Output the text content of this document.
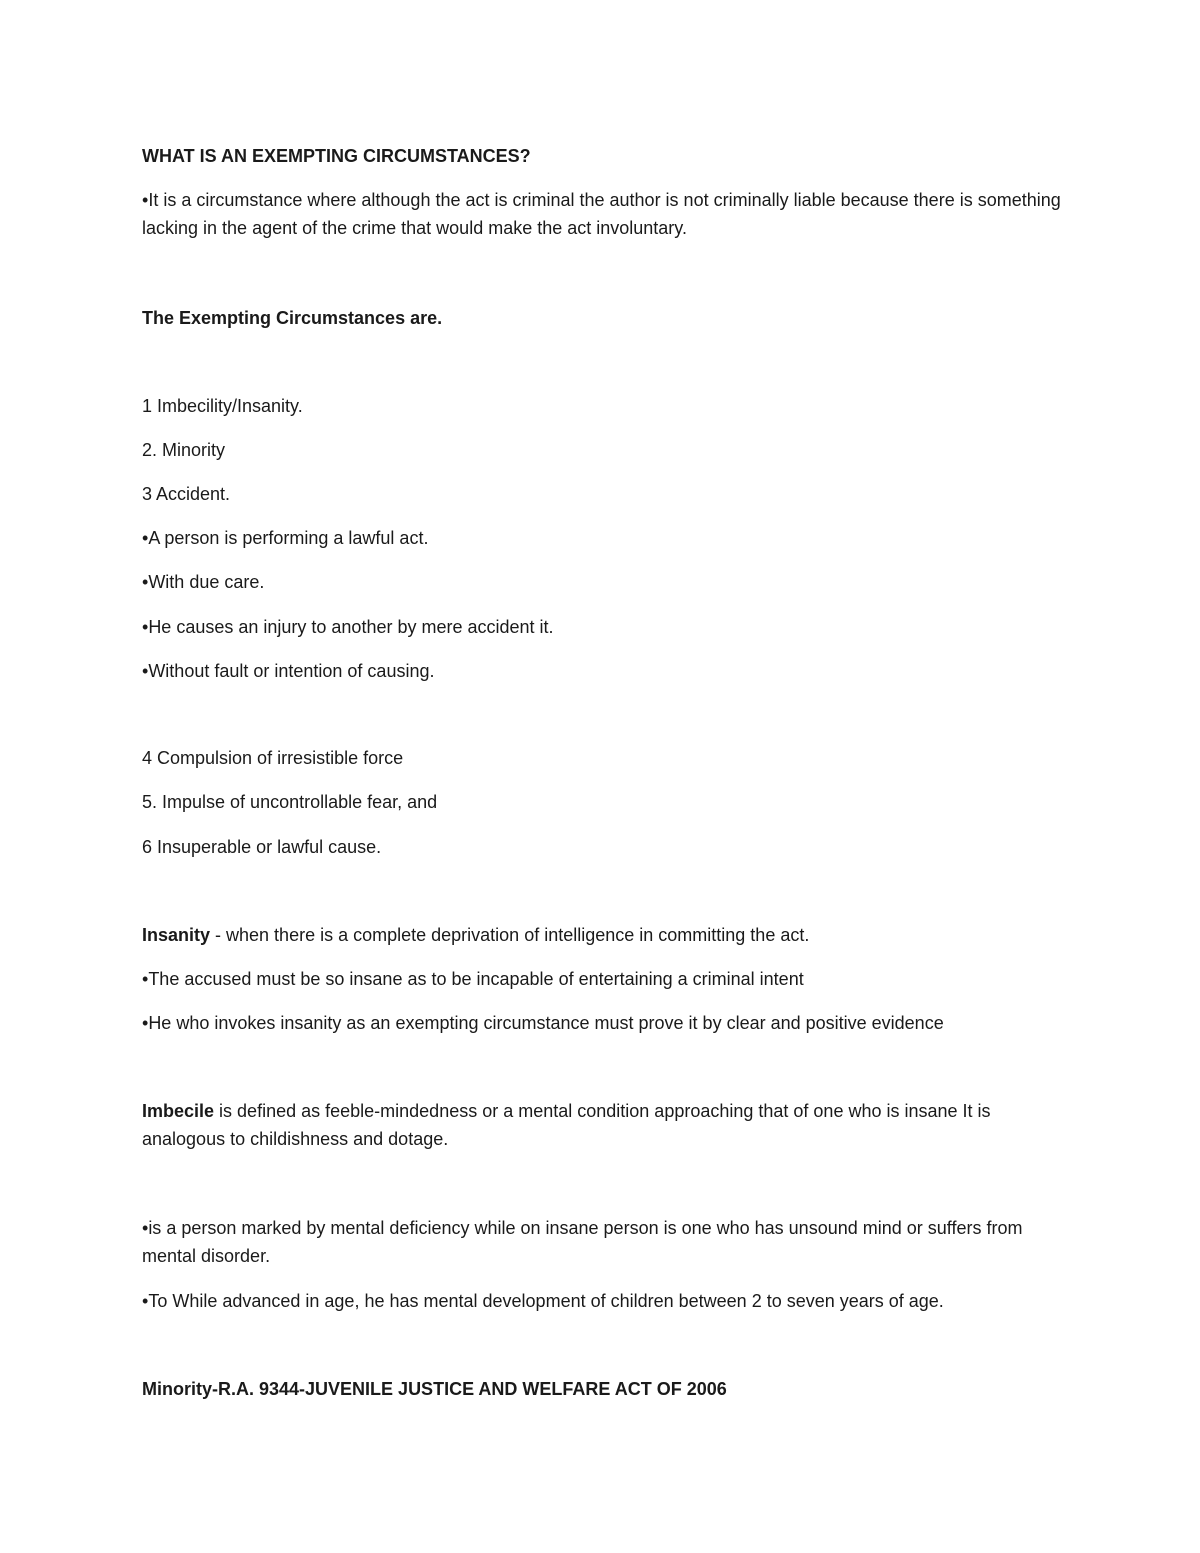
WHAT IS AN EXEMPTING CIRCUMSTANCES?
•It is a circumstance where although the act is criminal the author is not criminally liable because there is something lacking in the agent of the crime that would make the act involuntary.
The Exempting Circumstances are.
1 Imbecility/Insanity.
2. Minority
3 Accident.
• A person is performing a lawful act.
• With due care.
• He causes an injury to another by mere accident it.
• Without fault or intention of causing.
4 Compulsion of irresistible force
5. Impulse of uncontrollable fear, and
6 Insuperable or lawful cause.
Insanity - when there is a complete deprivation of intelligence in committing the act.
• The accused must be so insane as to be incapable of entertaining a criminal intent
• He who invokes insanity as an exempting circumstance must prove it by clear and positive evidence
Imbecile is defined as feeble-mindedness or a mental condition approaching that of one who is insane It is analogous to childishness and dotage.
• is a person marked by mental deficiency while on insane person is one who has unsound mind or suffers from mental disorder.
• To While advanced in age, he has mental development of children between 2 to seven years of age.
Minority-R.A. 9344-JUVENILE JUSTICE AND WELFARE ACT OF 2006
